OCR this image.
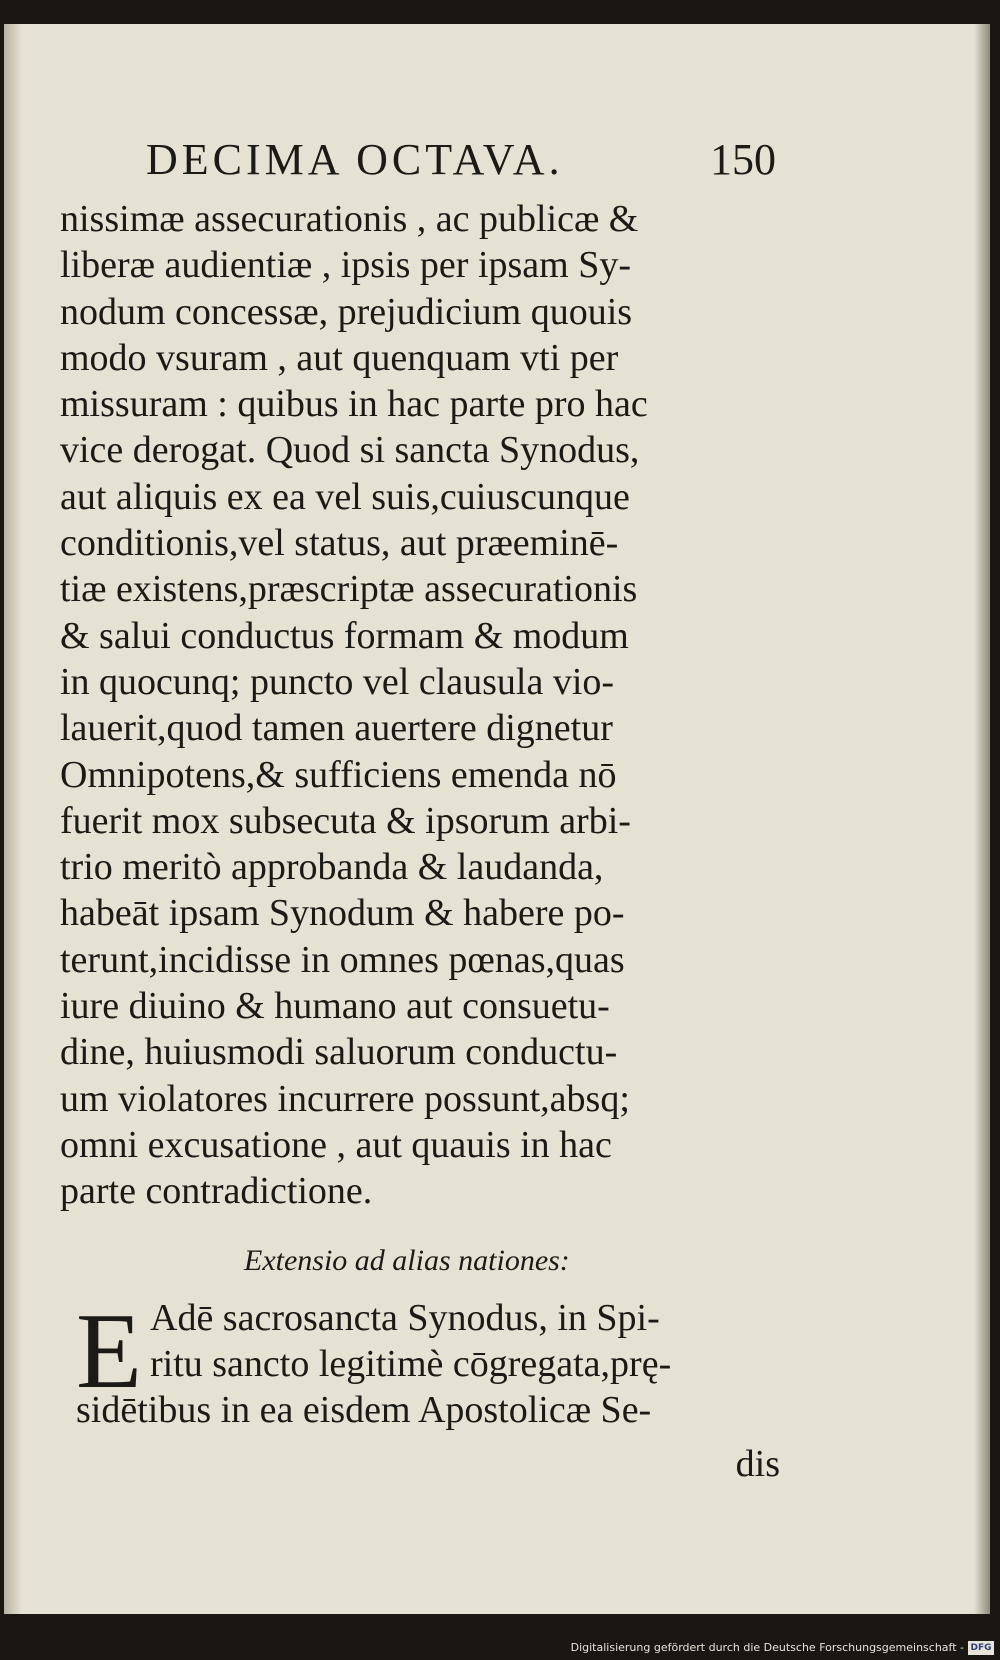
DECIMA OCTAVA.	150
nissimæ assecurationis , ac publicæ &
liberæ audientiæ , ipsis per ipsam Sy-
nodum concessæ, prejudicium quouis
modo vsuram , aut quenquam vti per
missuram : quibus in hac parte pro hac
vice derogat. Quod si sancta Synodus,
aut aliquis ex ea vel suis,cuiuscunque
conditionis,vel status, aut præeminē-
tiæ existens,præscriptæ assecurationis
& salui conductus formam & modum
in quocunq; puncto vel clausula vio-
lauerit,quod tamen auertere dignetur
Omnipotens,& sufficiens emenda nō
fuerit mox subsecuta & ipsorum arbi-
trio meritò approbanda & laudanda,
habeāt ipsam Synodum & habere po-
terunt,incidisse in omnes pœnas,quas
iure diuino & humano aut consuetu-
dine, huiusmodi saluorum conductu-
um violatores incurrere possunt,absq;
omni excusatione , aut quauis in hac
parte contradictione.
Extensio ad alias nationes:
E Adē sacrosancta Synodus, in Spi-
ritu sancto legitimè cōgregata,prę-
sidētibus in ea eisdem Apostolicæ Se-
dis
Digitalisierung gefördert durch die Deutsche Forschungsgemeinschaft - DFG
